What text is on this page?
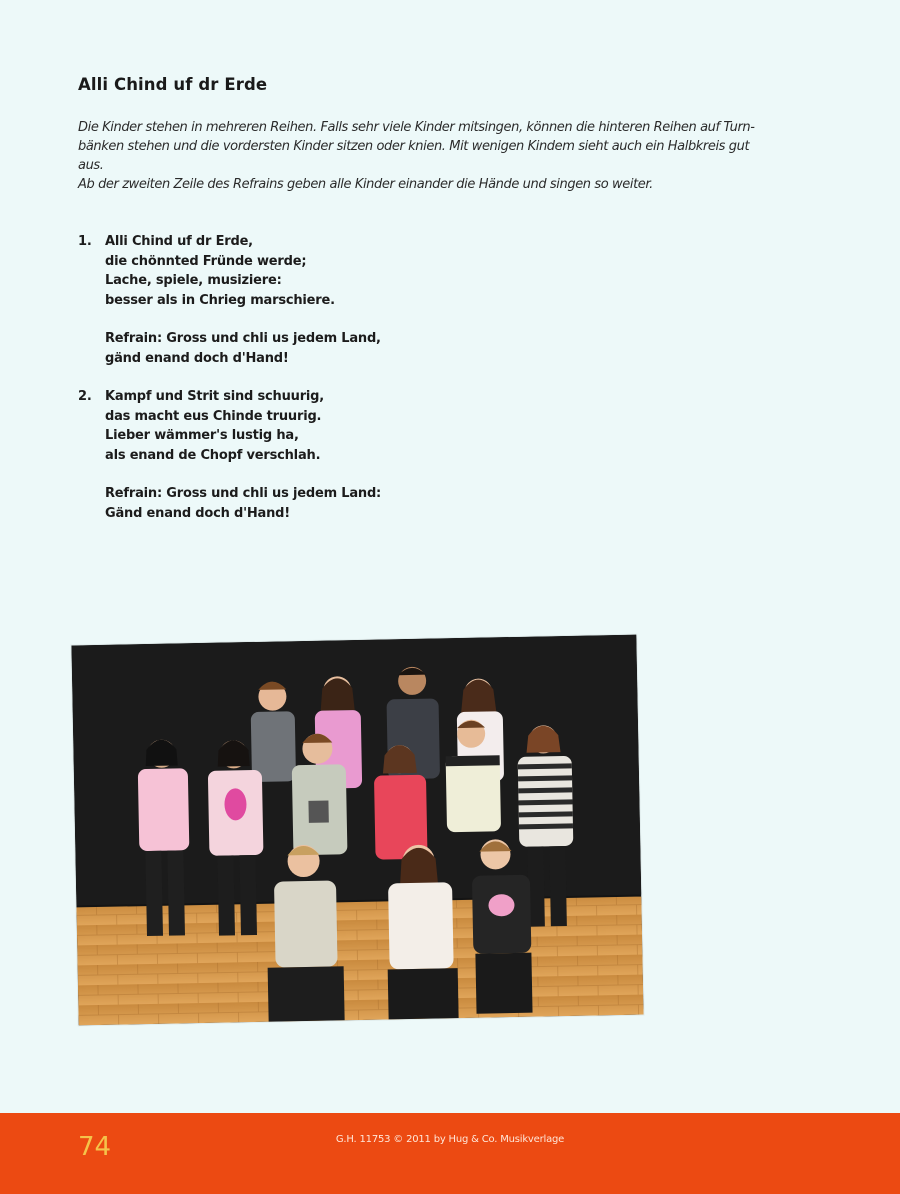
Alli Chind uf dr Erde
Die Kinder stehen in mehreren Reihen. Falls sehr viele Kinder mitsingen, können die hinteren Reihen auf Turn-
bänken stehen und die vordersten Kinder sitzen oder knien. Mit wenigen Kindem sieht auch ein Halbkreis gut
aus.
Ab der zweiten Zeile des Refrains geben alle Kinder einander die Hände und singen so weiter.
1. Alli Chind uf dr Erde,
die chönnted Fründe werde;
Lache, spiele, musiziere:
besser als in Chrieg marschiere.
Refrain: Gross und chli us jedem Land,
gänd enand doch d'Hand!
2. Kampf und Strit sind schuurig,
das macht eus Chinde truurig.
Lieber wämmer's lustig ha,
als enand de Chopf verschlah.
Refrain: Gross und chli us jedem Land:
Gänd enand doch d'Hand!
74	G.H. 11753 © 2011 by Hug & Co. Musikverlage
